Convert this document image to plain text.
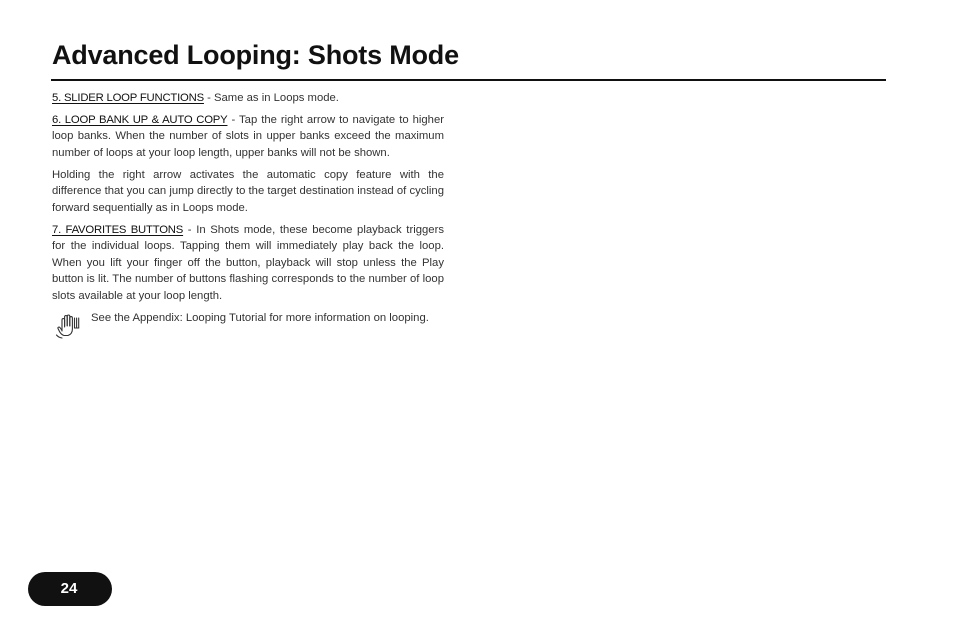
Advanced Looping: Shots Mode

5. SLIDER LOOP FUNCTIONS - Same as in Loops mode.

6. LOOP BANK UP & AUTO COPY - Tap the right arrow to navigate to higher loop banks. When the number of slots in upper banks exceed the maximum number of loops at your loop length, upper banks will not be shown.

Holding the right arrow activates the automatic copy feature with the difference that you can jump directly to the target destination instead of cycling forward sequentially as in Loops mode.

7. FAVORITES BUTTONS - In Shots mode, these become playback triggers for the individual loops. Tapping them will immediately play back the loop. When you lift your finger off the button, playback will stop unless the Play button is lit. The number of buttons flashing corresponds to the number of loop slots available at your loop length.

See the Appendix: Looping Tutorial for more information on looping.

24
